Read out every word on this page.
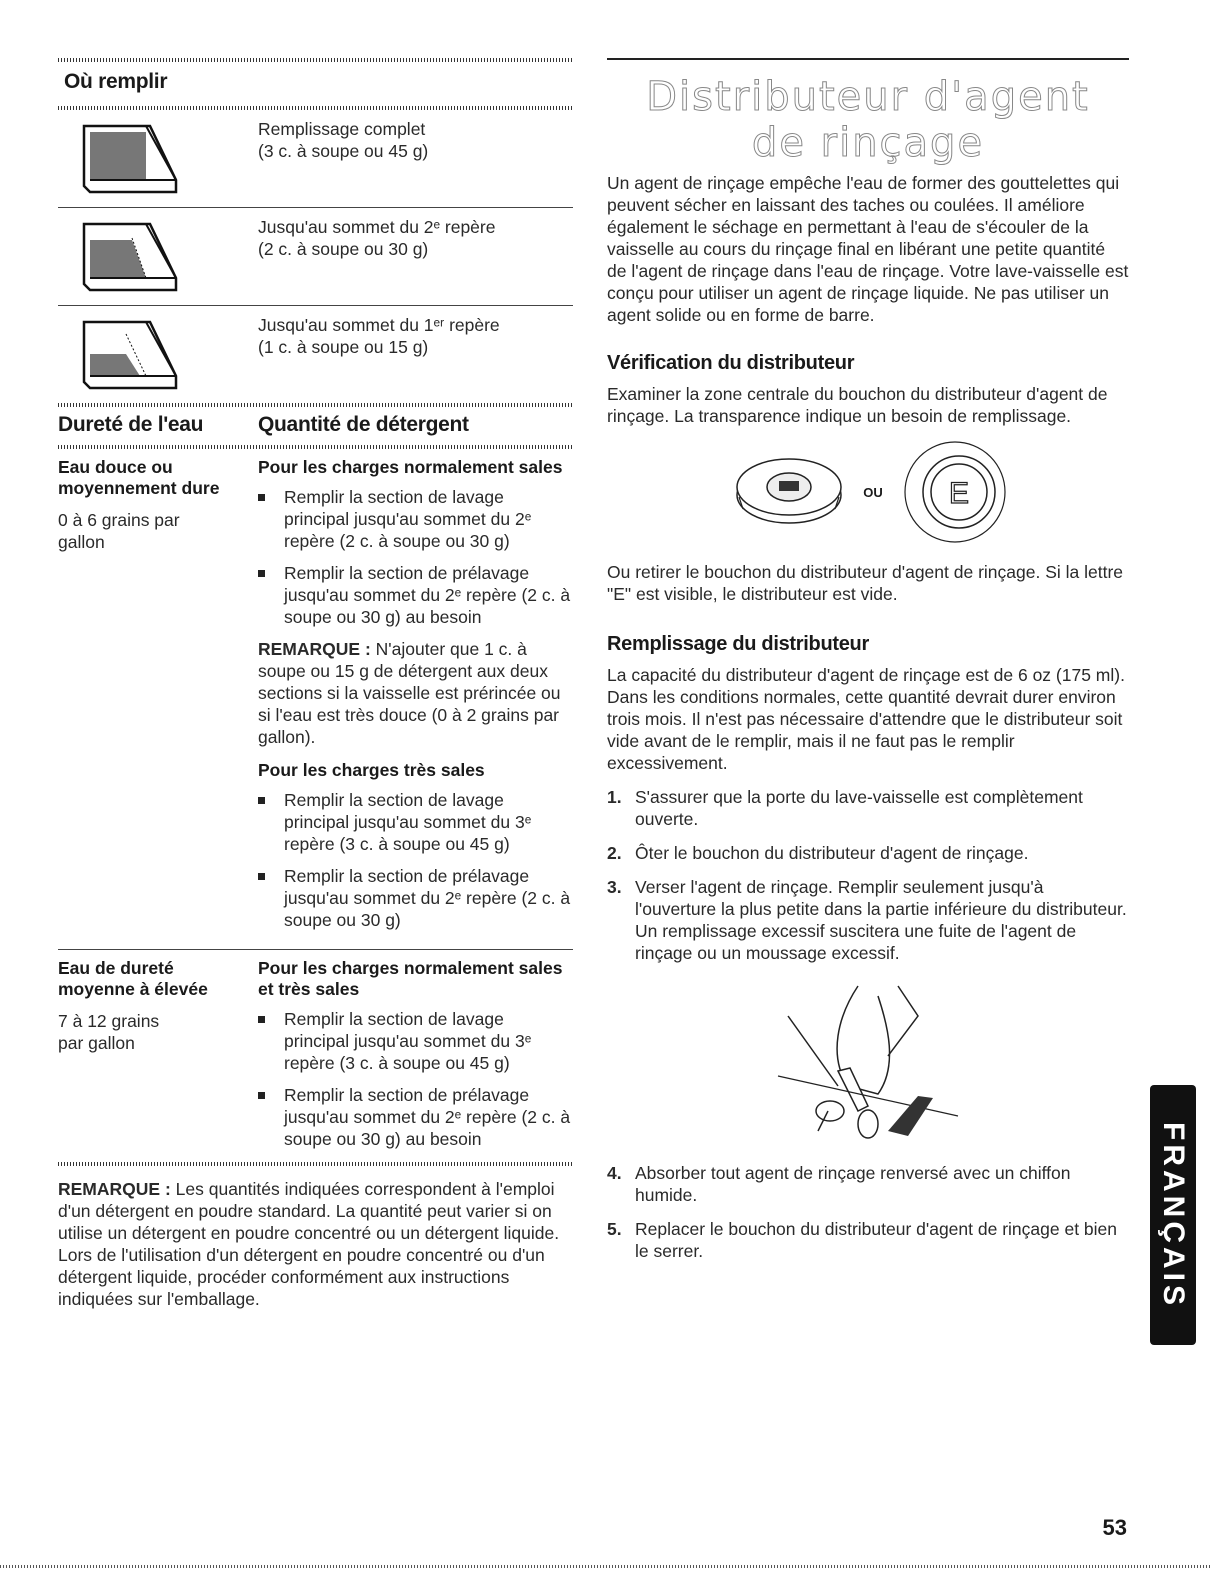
Où remplir
Remplissage complet
(3 c. à soupe ou 45 g)
Jusqu'au sommet du 2ᵉ repère
(2 c. à soupe ou 30 g)
Jusqu'au sommet du 1ᵉʳ repère
(1 c. à soupe ou 15 g)
Dureté de l'eau	Quantité de détergent
Eau douce ou moyennement dure
0 à 6 grains par gallon
Pour les charges normalement sales
Remplir la section de lavage principal jusqu'au sommet du 2ᵉ repère (2 c. à soupe ou 30 g)
Remplir la section de prélavage jusqu'au sommet du 2ᵉ repère (2 c. à soupe ou 30 g) au besoin
REMARQUE : N'ajouter que 1 c. à soupe ou 15 g de détergent aux deux sections si la vaisselle est prérincée ou si l'eau est très douce (0 à 2 grains par gallon).
Pour les charges très sales
Remplir la section de lavage principal jusqu'au sommet du 3ᵉ repère (3 c. à soupe ou 45 g)
Remplir la section de prélavage jusqu'au sommet du 2ᵉ repère (2 c. à soupe ou 30 g)
Eau de dureté moyenne à élevée
7 à 12 grains par gallon
Pour les charges normalement sales et très sales
Remplir la section de lavage principal jusqu'au sommet du 3ᵉ repère (3 c. à soupe ou 45 g)
Remplir la section de prélavage jusqu'au sommet du 2ᵉ repère (2 c. à soupe ou 30 g) au besoin
REMARQUE : Les quantités indiquées correspondent à l'emploi d'un détergent en poudre standard. La quantité peut varier si on utilise un détergent en poudre concentré ou un détergent liquide. Lors de l'utilisation d'un détergent en poudre concentré ou d'un détergent liquide, procéder conformément aux instructions indiquées sur l'emballage.
Distributeur d'agent
de rinçage

Un agent de rinçage empêche l'eau de former des gouttelettes qui peuvent sécher en laissant des taches ou coulées. Il améliore également le séchage en permettant à l'eau de s'écouler de la vaisselle au cours du rinçage final en libérant une petite quantité de l'agent de rinçage dans l'eau de rinçage. Votre lave-vaisselle est conçu pour utiliser un agent de rinçage liquide. Ne pas utiliser un agent solide ou en forme de barre.

Vérification du distributeur

Examiner la zone centrale du bouchon du distributeur d'agent de rinçage. La transparence indique un besoin de remplissage.

OU E

Ou retirer le bouchon du distributeur d'agent de rinçage. Si la lettre "E" est visible, le distributeur est vide.

Remplissage du distributeur

La capacité du distributeur d'agent de rinçage est de 6 oz (175 ml). Dans les conditions normales, cette quantité devrait durer environ trois mois. Il n'est pas nécessaire d'attendre que le distributeur soit vide avant de le remplir, mais il ne faut pas le remplir excessivement.

1. S'assurer que la porte du lave-vaisselle est complètement ouverte.
2. Ôter le bouchon du distributeur d'agent de rinçage.
3. Verser l'agent de rinçage. Remplir seulement jusqu'à l'ouverture la plus petite dans la partie inférieure du distributeur. Un remplissage excessif suscitera une fuite de l'agent de rinçage ou un moussage excessif.
4. Absorber tout agent de rinçage renversé avec un chiffon humide.
5. Replacer le bouchon du distributeur d'agent de rinçage et bien le serrer.	FRANÇAIS
53
